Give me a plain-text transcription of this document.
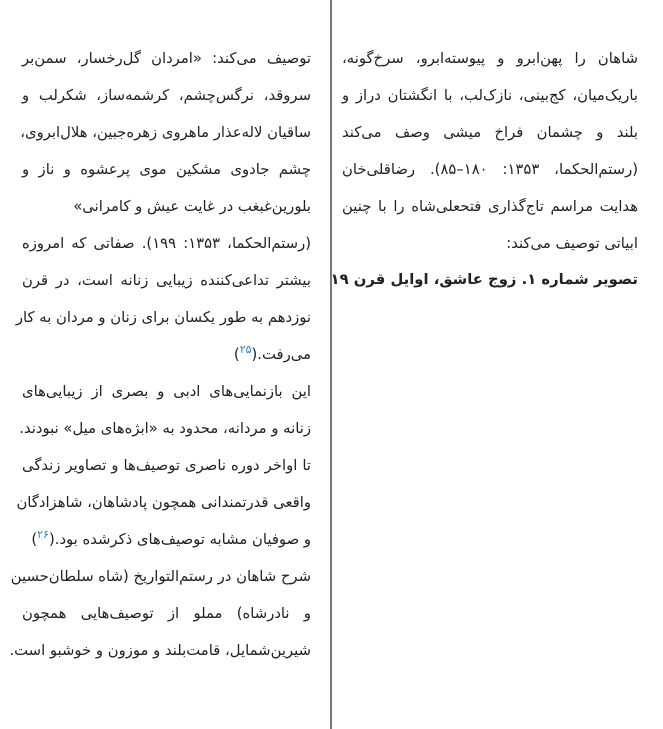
شاهان را پهن‌ابرو و پیوسته‌ابرو، سرخ‌گونه،
باریک‌میان، کج‌بینی، نازک‌لب، با انگشتان دراز و
بلند و چشمان فراخ میشی وصف می‌کند
(رستم‌الحکما، ۱۳۵۳: ۱۸۰–۸۵). رضاقلی‌خان
هدایت مراسم تاج‌گذاری فتحعلی‌شاه را با چنین
ابیاتی توصیف می‌کند:
تصویر شماره ۱. زوج عاشق، اوایل قرن ۱۹
توصیف می‌کند: «امردان گل‌رخسار، سمن‌بر
سروقد، نرگس‌چشم، کرشمه‌ساز، شکرلب و
ساقیان لاله‌عذار ماهروی زهره‌جبین، هلال‌ابروی،
چشم جادوی مشکین موی پرعشوه و ناز و
بلورین‌غبغب در غایت عیش و کامرانی»
(رستم‌الحکما، ۱۳۵۳: ۱۹۹). صفاتی که امروزه
بیشتر تداعی‌کننده زیبایی زنانه است، در قرن
نوزدهم به طور یکسان برای زنان و مردان به کار
می‌رفت.($^{۲۵}$)
این بازنمایی‌های ادبی و بصری از زیبایی‌های
زنانه و مردانه، محدود به «ابژه‌های میل» نبودند.
تا اواخر دوره ناصری توصیف‌ها و تصاویر زندگی
واقعی قدرتمندانی همچون پادشاهان، شاهزادگان
و صوفیان مشابه توصیف‌های ذکرشده بود.($^{۲۶}$)
شرح شاهان در رستم‌التواریخ (شاه سلطان‌حسین
و نادرشاه) مملو از توصیف‌هایی همچون
شیرین‌شمایل، قامت‌بلند و موزون و خوشبو است.
